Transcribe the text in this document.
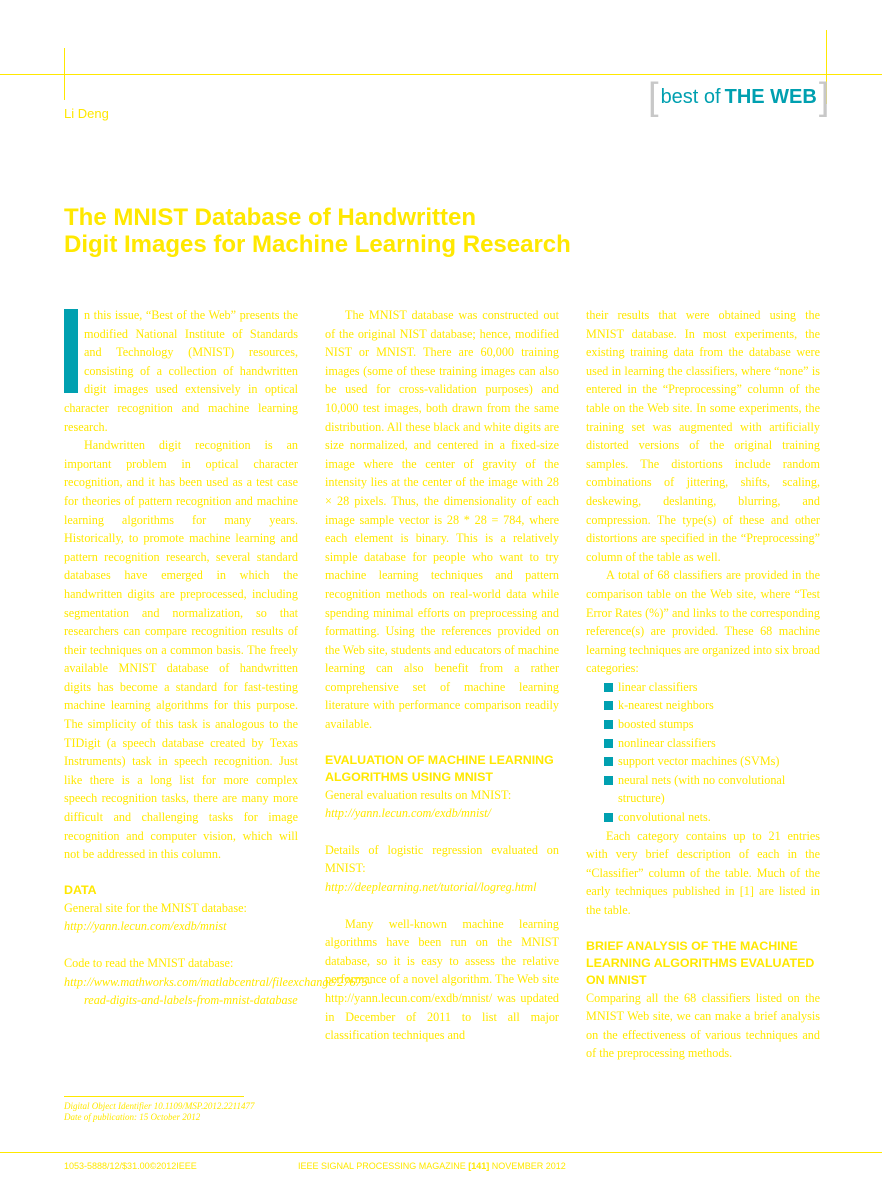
Li Deng	[ best of THE WEB ]
The MNIST Database of Handwritten
Digit Images for Machine Learning Research

n this issue, “Best of the Web” presents the modified National Institute of Standards and Technology (MNIST) resources, consisting of a collection of handwritten digit images used extensively in optical character recognition and machine learning research.

Handwritten digit recognition is an important problem in optical character recognition, and it has been used as a test case for theories of pattern recognition and machine learning algorithms for many years. Historically, to promote machine learning and pattern recognition research, several standard databases have emerged in which the handwritten digits are preprocessed, including segmentation and normalization, so that researchers can compare recognition results of their techniques on a common basis. The freely available MNIST database of handwritten digits has become a standard for fast-testing machine learning algorithms for this purpose. The simplicity of this task is analogous to the TIDigit (a speech database created by Texas Instruments) task in speech recognition. Just like there is a long list for more complex speech recognition tasks, there are many more difficult and challenging tasks for image recognition and computer vision, which will not be addressed in this column.

DATA

General site for the MNIST database:

http://yann.lecun.com/exdb/mnist

Code to read the MNIST database:

http://www.mathworks.com/matlabcentral/fileexchange/27675-read-digits-and-labels-from-mnist-database

The MNIST database was constructed out of the original NIST database; hence, modified NIST or MNIST. There are 60,000 training images (some of these training images can also be used for cross-validation purposes) and 10,000 test images, both drawn from the same distribution. All these black and white digits are size normalized, and centered in a fixed-size image where the center of gravity of the intensity lies at the center of the image with 28 × 28 pixels. Thus, the dimensionality of each image sample vector is 28 * 28 = 784, where each element is binary. This is a relatively simple database for people who want to try machine learning techniques and pattern recognition methods on real-world data while spending minimal efforts on preprocessing and formatting. Using the references provided on the Web site, students and educators of machine learning can also benefit from a rather comprehensive set of machine learning literature with performance comparison readily available.

EVALUATION OF MACHINE LEARNING ALGORITHMS USING MNIST

General evaluation results on MNIST:

http://yann.lecun.com/exdb/mnist/

Details of logistic regression evaluated on MNIST:

http://deeplearning.net/tutorial/logreg.html

Many well-known machine learning algorithms have been run on the MNIST database, so it is easy to assess the relative performance of a novel algorithm. The Web site http://yann.lecun.com/exdb/mnist/ was updated in December of 2011 to list all major classification techniques and

their results that were obtained using the MNIST database. In most experiments, the existing training data from the database were used in learning the classifiers, where “none” is entered in the “Preprocessing” column of the table on the Web site. In some experiments, the training set was augmented with artificially distorted versions of the original training samples. The distortions include random combinations of jittering, shifts, scaling, deskewing, deslanting, blurring, and compression. The type(s) of these and other distortions are specified in the “Preprocessing” column of the table as well.

A total of 68 classifiers are provided in the comparison table on the Web site, where “Test Error Rates (%)” and links to the corresponding reference(s) are provided. These 68 machine learning techniques are organized into six broad categories:

linear classifiers
k-nearest neighbors
boosted stumps
nonlinear classifiers
support vector machines (SVMs)
neural nets (with no convolutional structure)
convolutional nets.

Each category contains up to 21 entries with very brief description of each in the “Classifier” column of the table. Much of the early techniques published in [1] are listed in the table.

BRIEF ANALYSIS OF THE MACHINE LEARNING ALGORITHMS EVALUATED ON MNIST

Comparing all the 68 classifiers listed on the MNIST Web site, we can make a brief analysis on the effectiveness of various techniques and of the preprocessing methods.

Digital Object Identifier 10.1109/MSP.2012.2211477
Date of publication: 15 October 2012
1053-5888/12/$31.00©2012IEEE	IEEE SIGNAL PROCESSING MAGAZINE [141] NOVEMBER 2012
